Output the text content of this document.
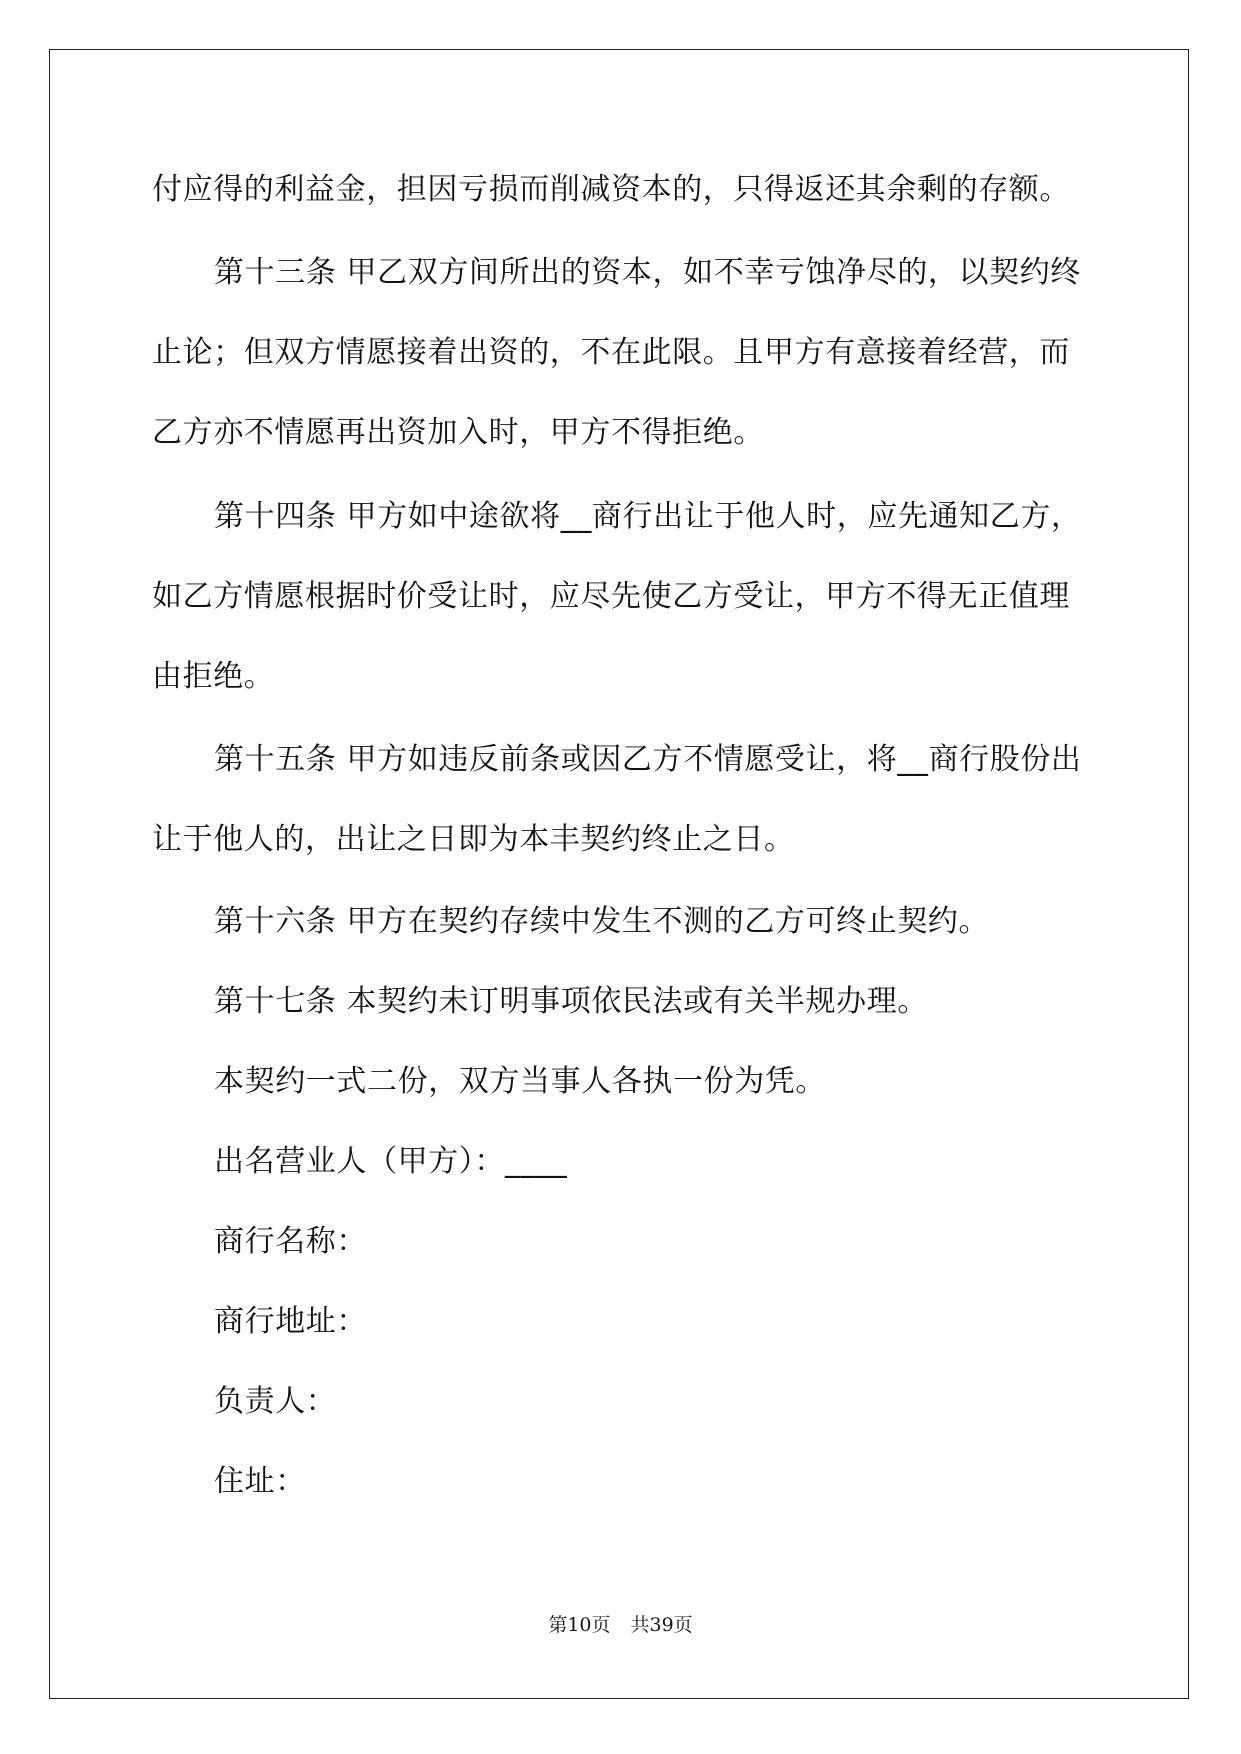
付应得的利益金，担因亏损而削减资本的，只得返还其余剩的存额。
第十三条 甲乙双方间所出的资本，如不幸亏蚀净尽的，以契约终
止论；但双方情愿接着出资的，不在此限。且甲方有意接着经营，而
乙方亦不情愿再出资加入时，甲方不得拒绝。
第十四条 甲方如中途欲将__商行出让于他人时，应先通知乙方，
如乙方情愿根据时价受让时，应尽先使乙方受让，甲方不得无正值理
由拒绝。
第十五条 甲方如违反前条或因乙方不情愿受让，将__商行股份出
让于他人的，出让之日即为本丰契约终止之日。
第十六条 甲方在契约存续中发生不测的乙方可终止契约。
第十七条 本契约未订明事项依民法或有关半规办理。
本契约一式二份，双方当事人各执一份为凭。
出名营业人（甲方）：____
商行名称：
商行地址：
负责人：
住址：
第10页 共39页
